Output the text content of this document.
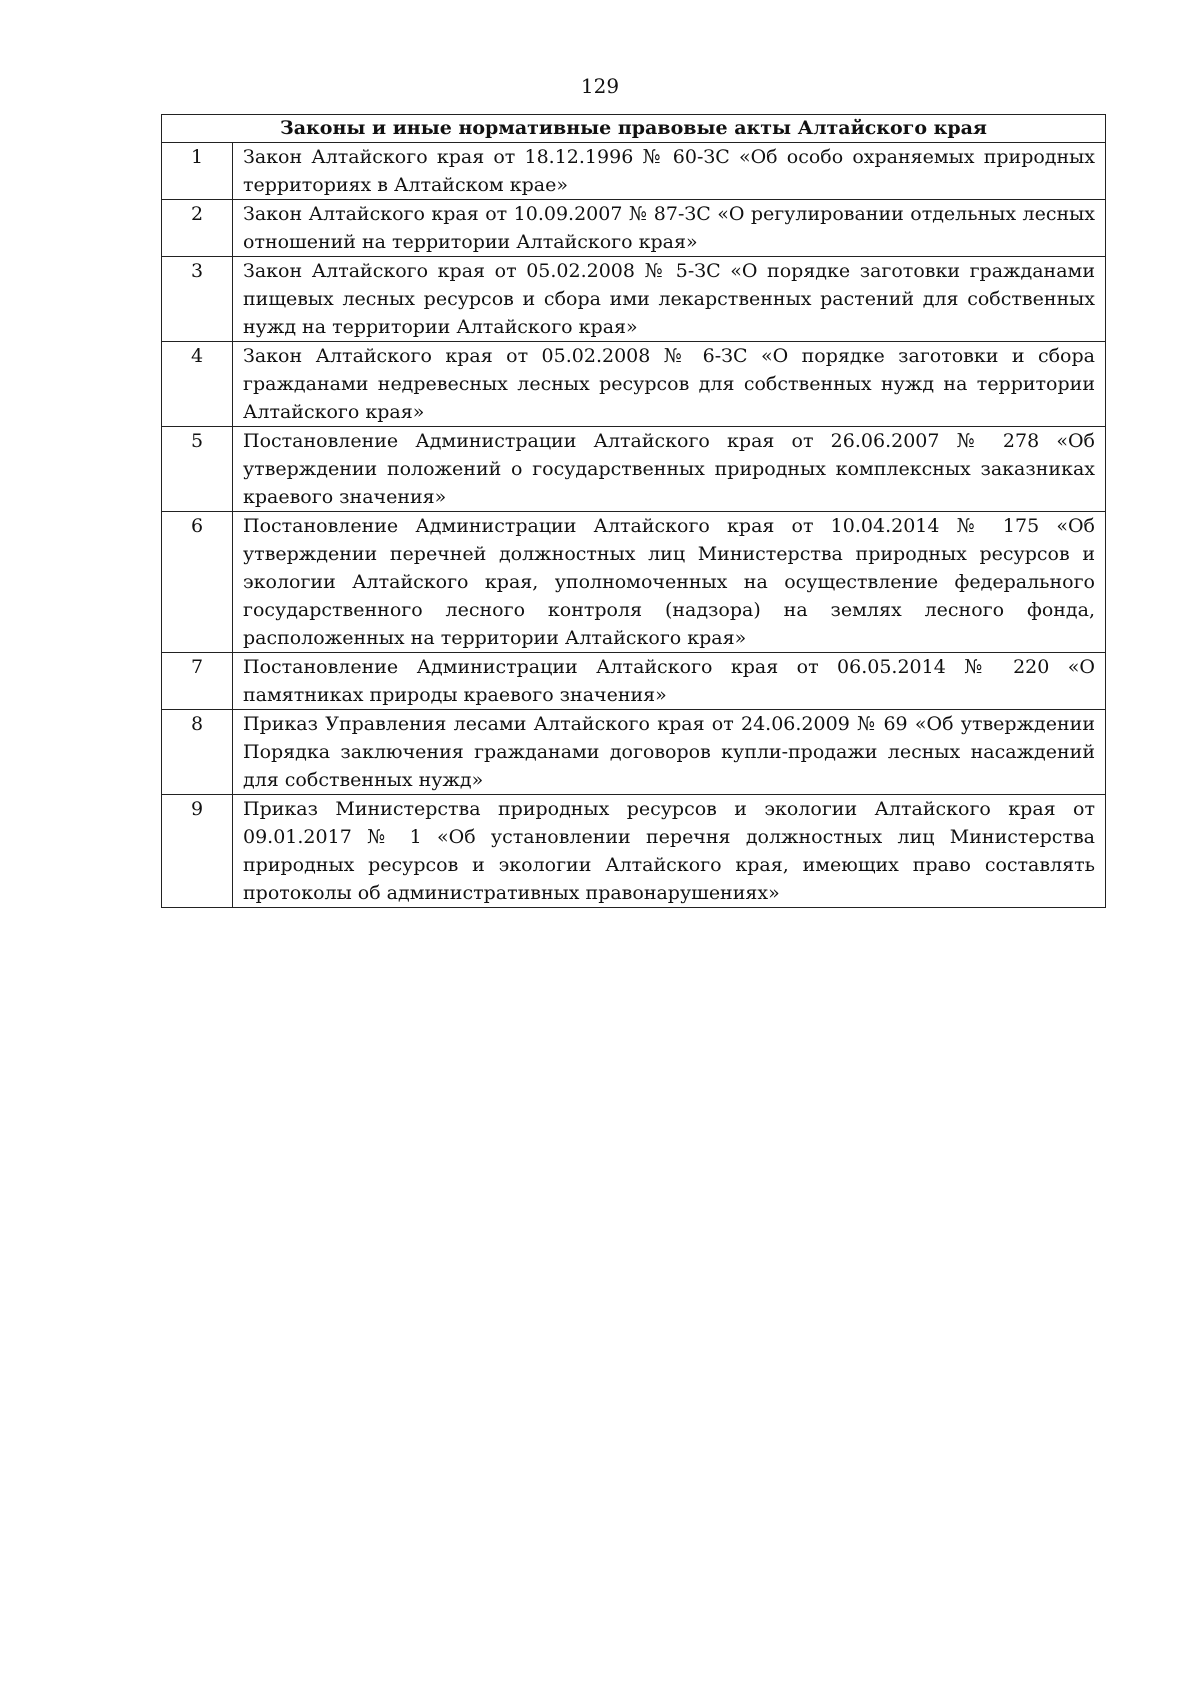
129
Законы и иные нормативные правовые акты Алтайского края	
1	Закон Алтайского края от 18.12.1996 № 60-ЗС «Об особо охраняемых природных территориях в Алтайском крае»
2	Закон Алтайского края от 10.09.2007 № 87-ЗС «О регулировании отдельных лесных отношений на территории Алтайского края»
3	Закон Алтайского края от 05.02.2008 № 5-ЗС «О порядке заготовки гражданами пищевых лесных ресурсов и сбора ими лекарственных растений для собственных нужд на территории Алтайского края»
4	Закон Алтайского края от 05.02.2008 № 6-ЗС «О порядке заготовки и сбора гражданами недревесных лесных ресурсов для собственных нужд на территории Алтайского края»
5	Постановление Администрации Алтайского края от 26.06.2007 № 278 «Об утверждении положений о государственных природных комплексных заказниках краевого значения»
6	Постановление Администрации Алтайского края от 10.04.2014 № 175 «Об утверждении перечней должностных лиц Министерства природных ресурсов и экологии Алтайского края, уполномоченных на осуществление федерального государственного лесного контроля (надзора) на землях лесного фонда, расположенных на территории Алтайского края»
7	Постановление Администрации Алтайского края от 06.05.2014 № 220 «О памятниках природы краевого значения»
8	Приказ Управления лесами Алтайского края от 24.06.2009 № 69 «Об утверждении Порядка заключения гражданами договоров купли-продажи лесных насаждений для собственных нужд»
9	Приказ Министерства природных ресурсов и экологии Алтайского края от 09.01.2017 № 1 «Об установлении перечня должностных лиц Министерства природных ресурсов и экологии Алтайского края, имеющих право составлять протоколы об административных правонарушениях»
